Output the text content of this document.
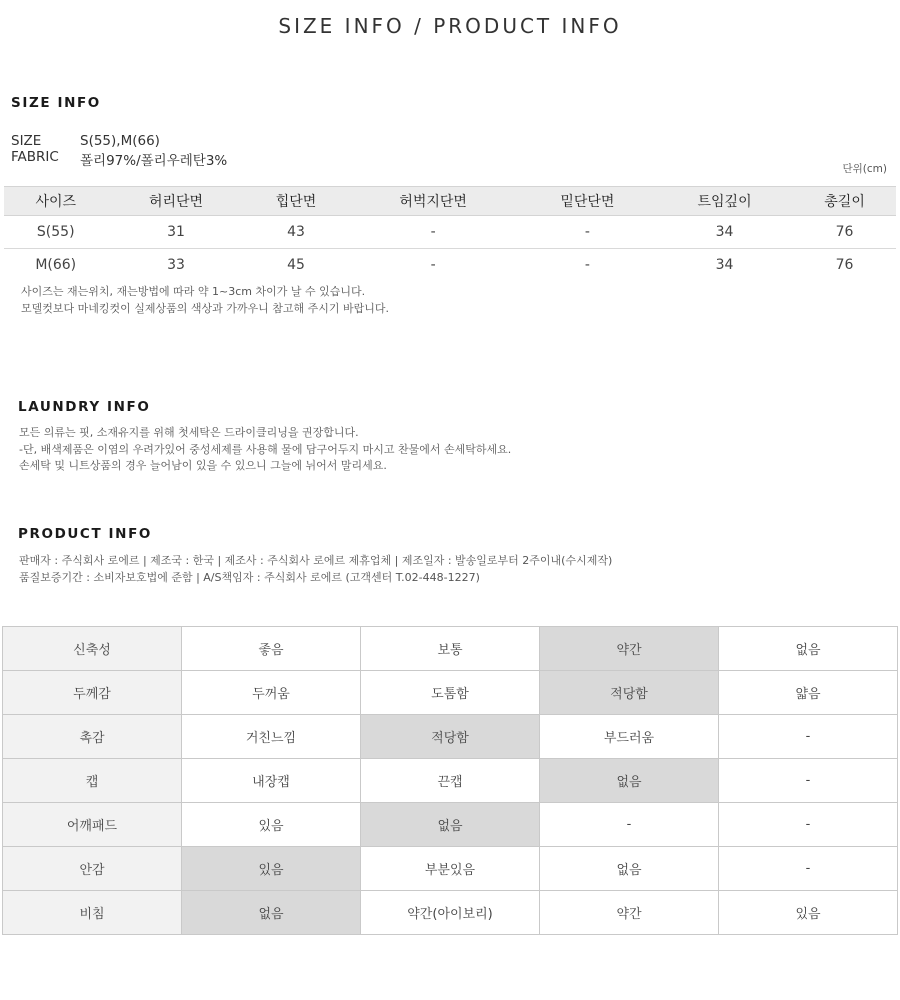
SIZE INFO / PRODUCT INFO
SIZE INFO
SIZE	S(55),M(66)
FABRIC	폴리97%/폴리우레탄3%	단위(cm)
사이즈	허리단면	힙단면	허벅지단면	밑단단면	트임깊이	총길이
S(55)	31	43	-	-	34	76
M(66)	33	45	-	-	34	76
사이즈는 재는위치, 재는방법에 따라 약 1~3cm 차이가 날 수 있습니다.
모델컷보다 마네킹컷이 실제상품의 색상과 가까우니 참고해 주시기 바랍니다.
LAUNDRY INFO
모든 의류는 핏, 소재유지를 위해 첫세탁은 드라이클리닝을 권장합니다.
-단, 배색제품은 이염의 우려가있어 중성세제를 사용해 물에 담구어두지 마시고 찬물에서 손세탁하세요.
손세탁 및 니트상품의 경우 늘어남이 있을 수 있으니 그늘에 뉘어서 말리세요.
PRODUCT INFO
판매자 : 주식회사 로에르 | 제조국 : 한국 | 제조사 : 주식회사 로에르 제휴업체 | 제조일자 : 발송일로부터 2주이내(수시제작)
품질보증기간 : 소비자보호법에 준함 | A/S책임자 : 주식회사 로에르 (고객센터 T.02-448-1227)
신축성	좋음	보통	약간	없음
두께감	두꺼움	도톰함	적당함	얇음
촉감	거친느낌	적당함	부드러움	-
캡	내장캡	끈캡	없음	-
어깨패드	있음	없음	-	-
안감	있음	부분있음	없음	-
비침	없음	약간(아이보리)	약간	있음
